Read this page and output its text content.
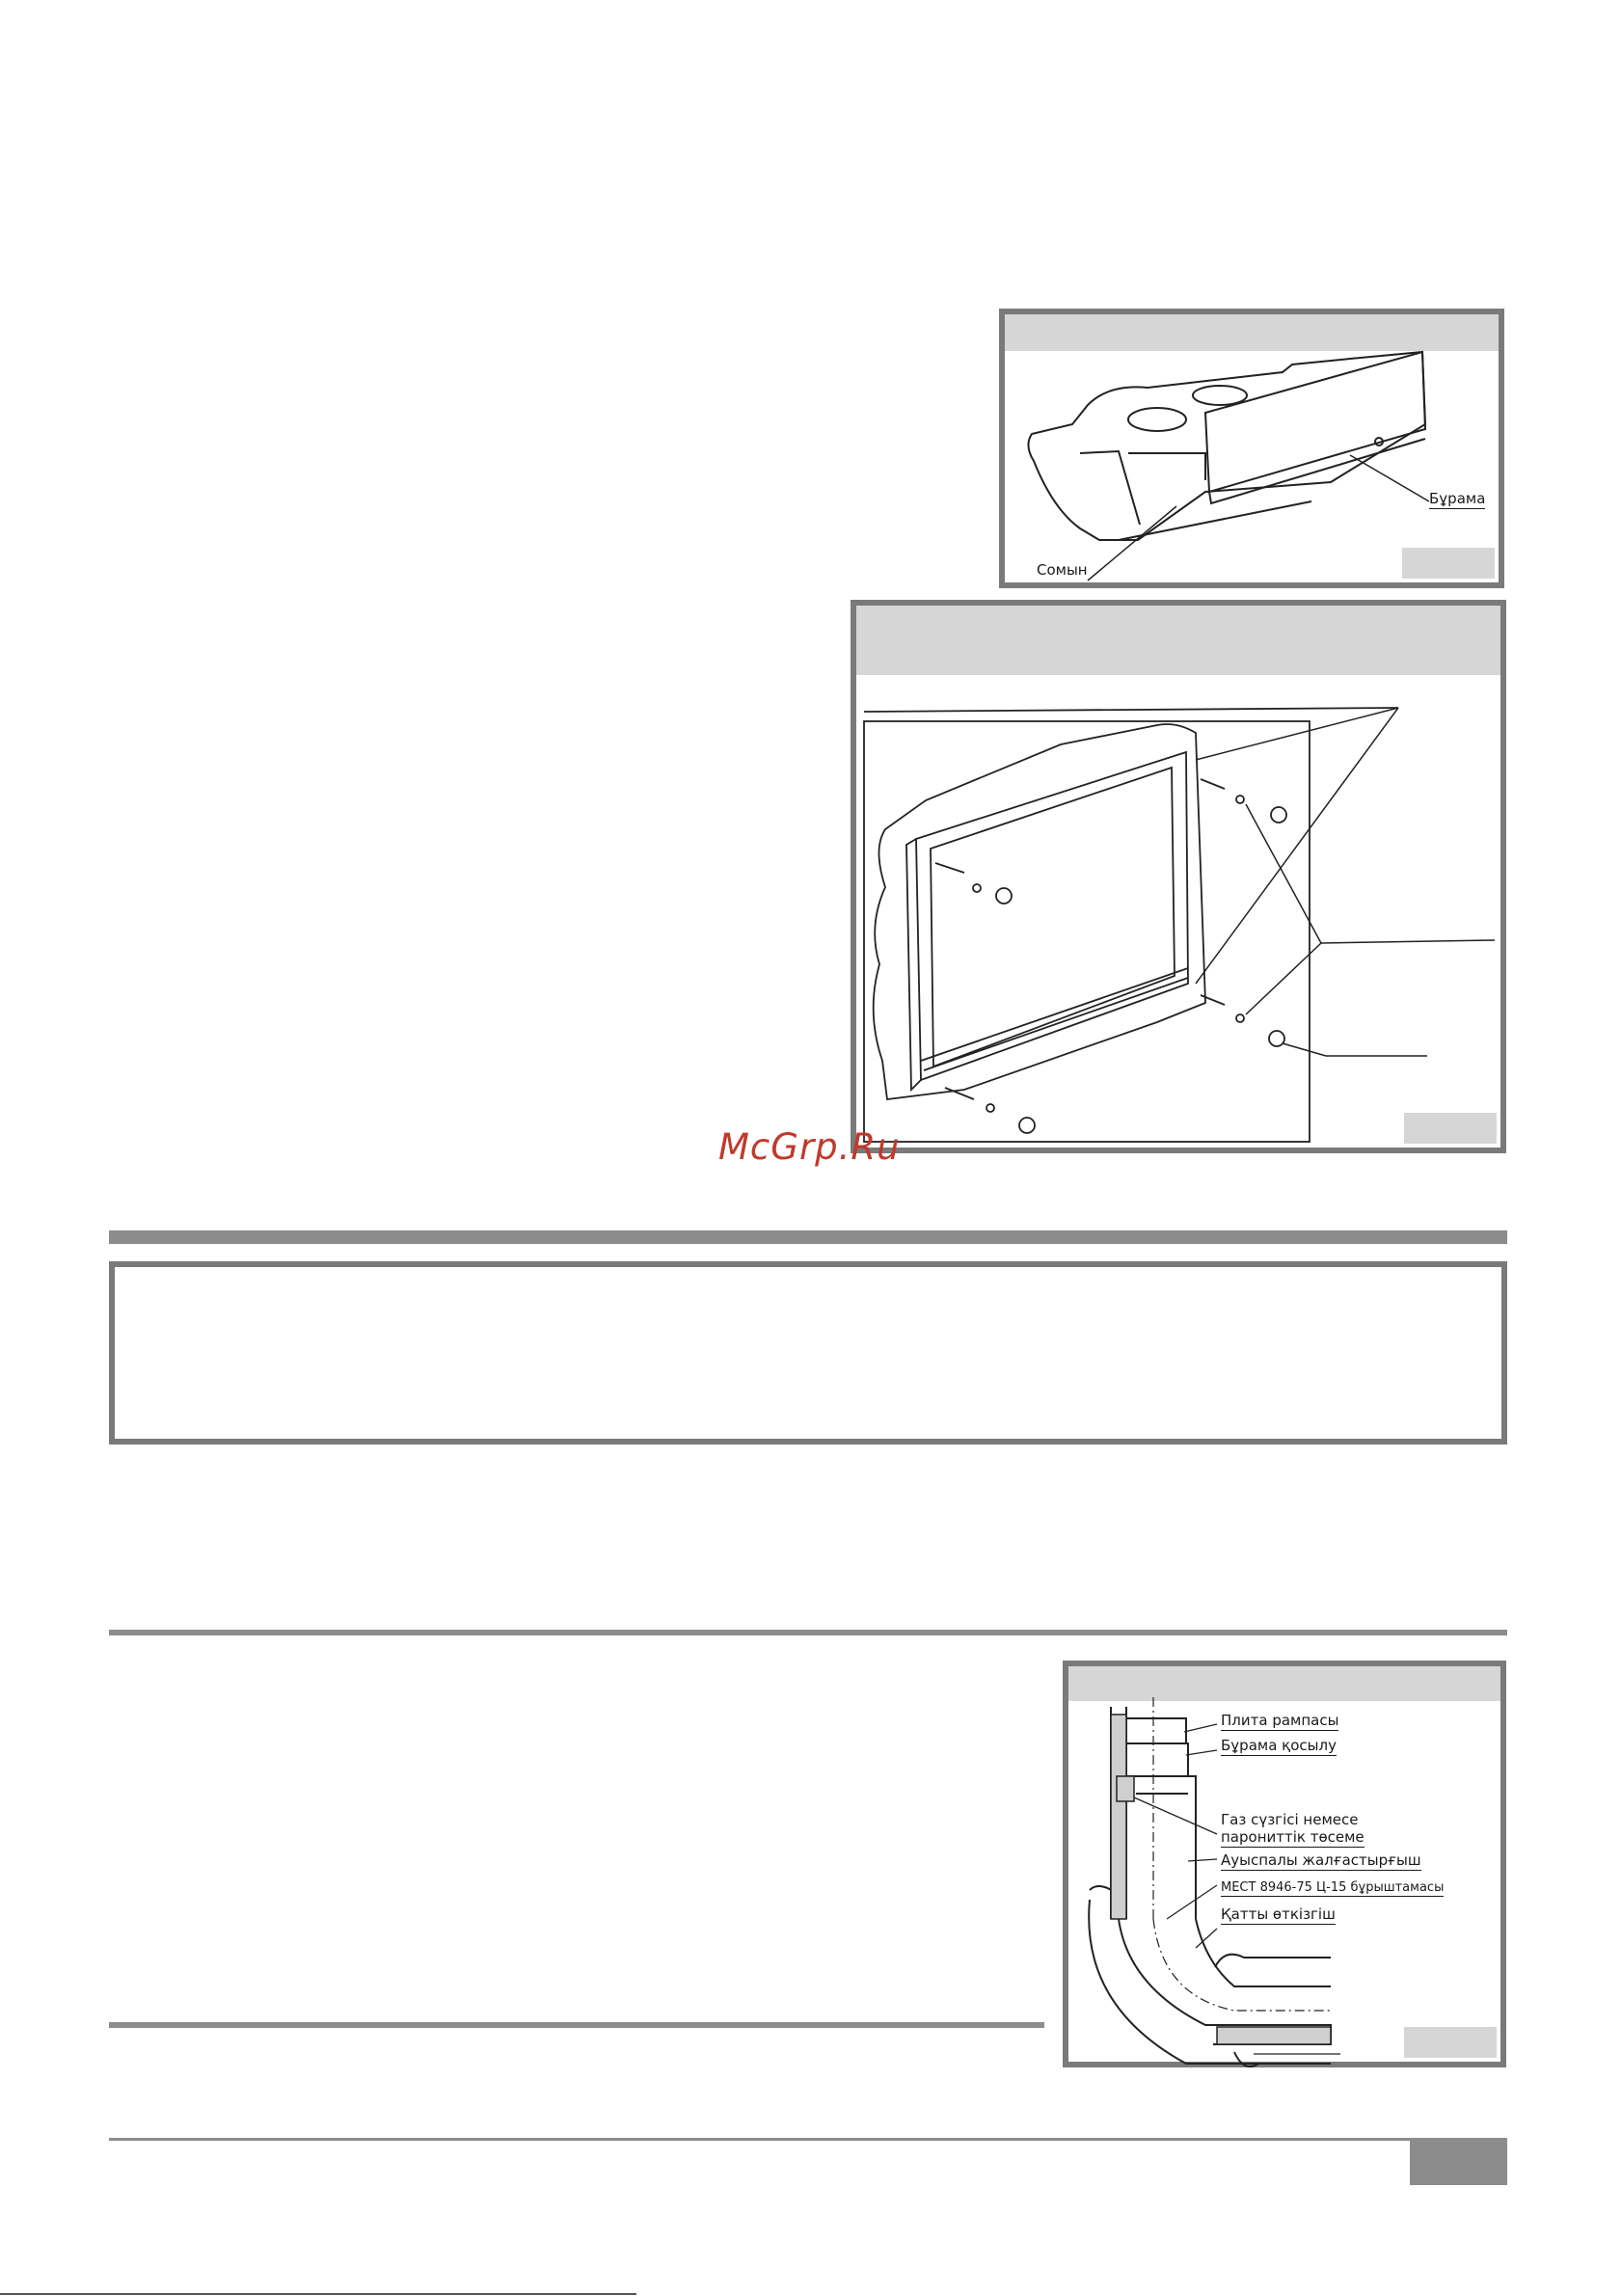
Бұрама
Сомын
McGrp.Ru
Плита рампасы
Бұрама қосылу
Газ сүзгісі немесе
парониттік төсеме
Ауыспалы жалғастырғыш
МЕСТ 8946-75 Ц-15 бұрыштамасы
Қатты өткізгіш
